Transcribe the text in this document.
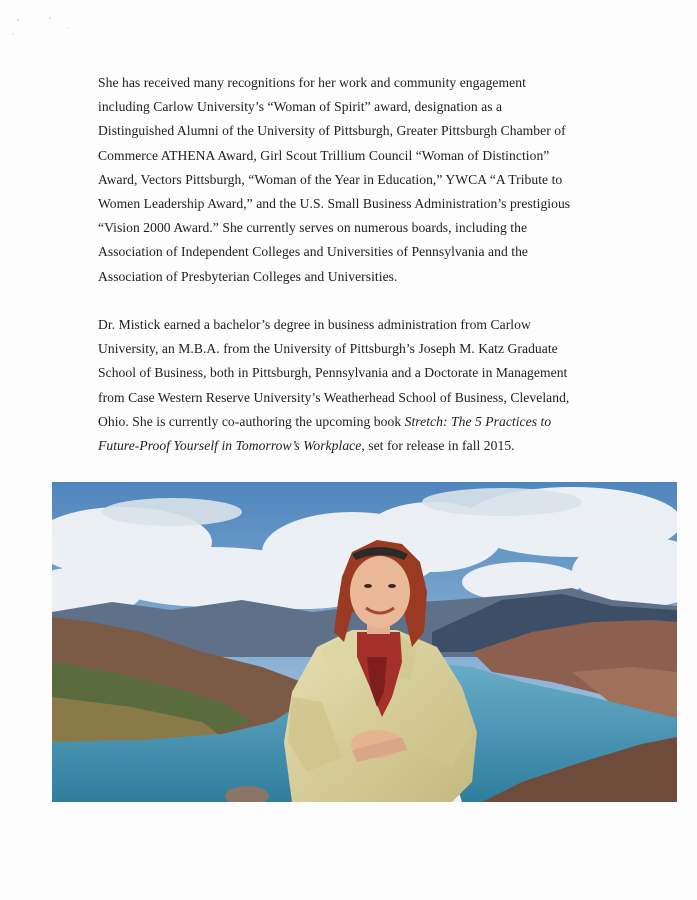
She has received many recognitions for her work and community engagement
including Carlow University’s “Woman of Spirit” award, designation as a
Distinguished Alumni of the University of Pittsburgh, Greater Pittsburgh Chamber of
Commerce ATHENA Award, Girl Scout Trillium Council “Woman of Distinction”
Award, Vectors Pittsburgh, “Woman of the Year in Education,” YWCA “A Tribute to
Women Leadership Award,” and the U.S. Small Business Administration’s prestigious
“Vision 2000 Award.” She currently serves on numerous boards, including the
Association of Independent Colleges and Universities of Pennsylvania and the
Association of Presbyterian Colleges and Universities.

Dr. Mistick earned a bachelor’s degree in business administration from Carlow
University, an M.B.A. from the University of Pittsburgh’s Joseph M. Katz Graduate
School of Business, both in Pittsburgh, Pennsylvania and a Doctorate in Management
from Case Western Reserve University’s Weatherhead School of Business, Cleveland,
Ohio. She is currently co-authoring the upcoming book Stretch: The 5 Practices to
Future-Proof Yourself in Tomorrow’s Workplace, set for release in fall 2015.
